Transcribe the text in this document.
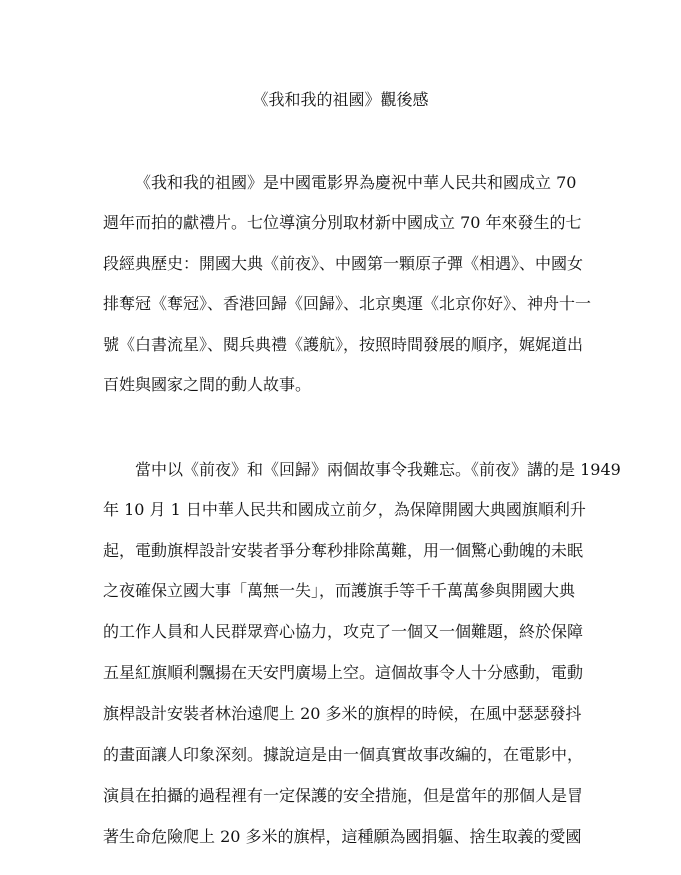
《我和我的祖國》觀後感
《我和我的祖國》是中國電影界為慶祝中華人民共和國成立 70
週年而拍的獻禮片。七位導演分別取材新中國成立 70 年來發生的七
段經典歷史：開國大典《前夜》、中國第一顆原子彈《相遇》、中國女
排奪冠《奪冠》、香港回歸《回歸》、北京奧運《北京你好》、神舟十一
號《白書流星》、閱兵典禮《護航》，按照時間發展的順序，娓娓道出
百姓與國家之間的動人故事。
當中以《前夜》和《回歸》兩個故事令我難忘。《前夜》講的是 1949
年 10 月 1 日中華人民共和國成立前夕，為保障開國大典國旗順利升
起，電動旗桿設計安裝者爭分奪秒排除萬難，用一個驚心動魄的未眠
之夜確保立國大事「萬無一失」，而護旗手等千千萬萬參與開國大典
的工作人員和人民群眾齊心協力，攻克了一個又一個難題，終於保障
五星紅旗順利飄揚在天安門廣場上空。這個故事令人十分感動，電動
旗桿設計安裝者林治遠爬上 20 多米的旗桿的時候，在風中瑟瑟發抖
的畫面讓人印象深刻。據說這是由一個真實故事改編的，在電影中，
演員在拍攝的過程裡有一定保護的安全措施，但是當年的那個人是冒
著生命危險爬上 20 多米的旗桿，這種願為國捐軀、捨生取義的愛國
